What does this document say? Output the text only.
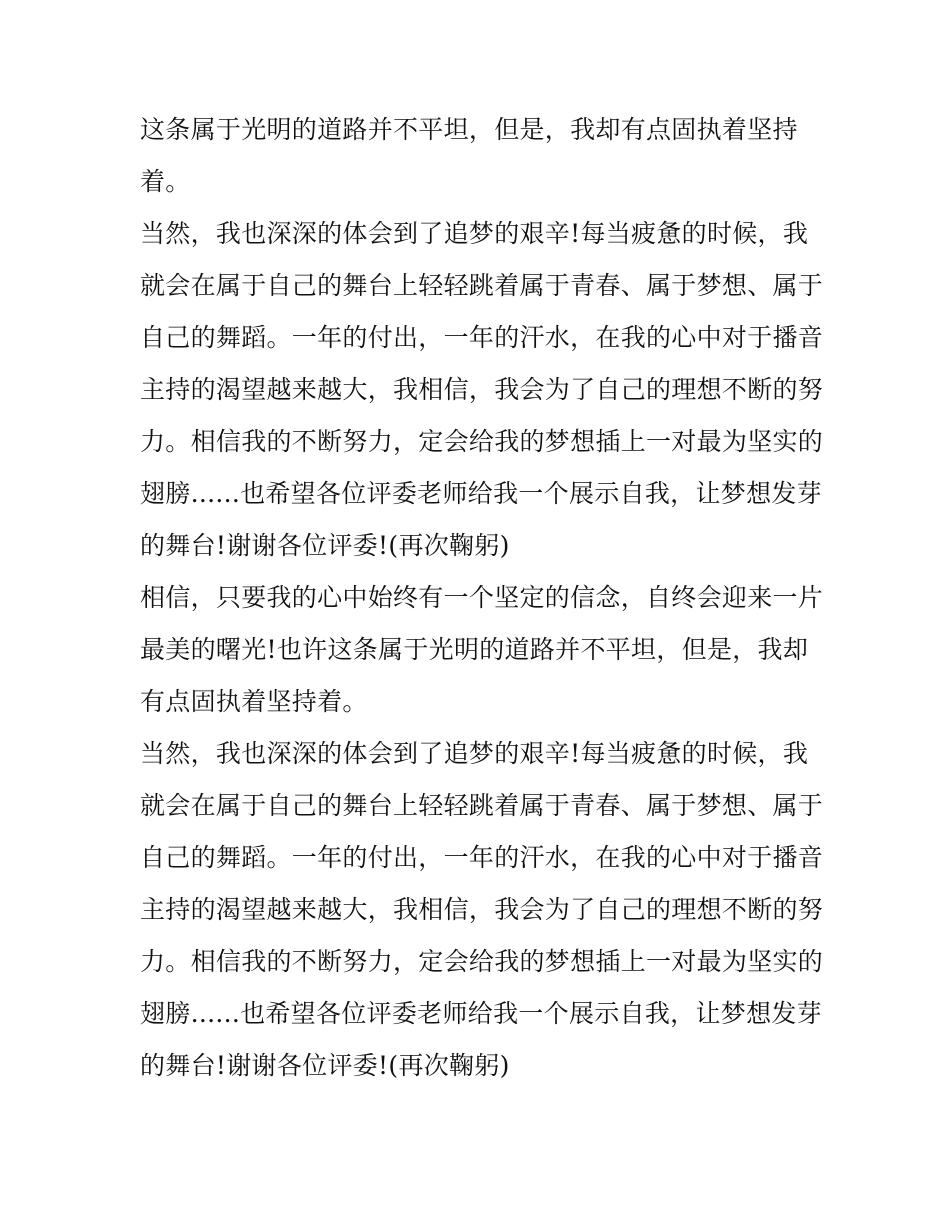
这条属于光明的道路并不平坦，但是，我却有点固执着坚持
着。
当然，我也深深的体会到了追梦的艰辛!每当疲惫的时候，我
就会在属于自己的舞台上轻轻跳着属于青春、属于梦想、属于
自己的舞蹈。一年的付出，一年的汗水，在我的心中对于播音
主持的渴望越来越大，我相信，我会为了自己的理想不断的努
力。相信我的不断努力，定会给我的梦想插上一对最为坚实的
翅膀......也希望各位评委老师给我一个展示自我，让梦想发芽
的舞台!谢谢各位评委!(再次鞠躬)
相信，只要我的心中始终有一个坚定的信念，自终会迎来一片
最美的曙光!也许这条属于光明的道路并不平坦，但是，我却
有点固执着坚持着。
当然，我也深深的体会到了追梦的艰辛!每当疲惫的时候，我
就会在属于自己的舞台上轻轻跳着属于青春、属于梦想、属于
自己的舞蹈。一年的付出，一年的汗水，在我的心中对于播音
主持的渴望越来越大，我相信，我会为了自己的理想不断的努
力。相信我的不断努力，定会给我的梦想插上一对最为坚实的
翅膀......也希望各位评委老师给我一个展示自我，让梦想发芽
的舞台!谢谢各位评委!(再次鞠躬)
